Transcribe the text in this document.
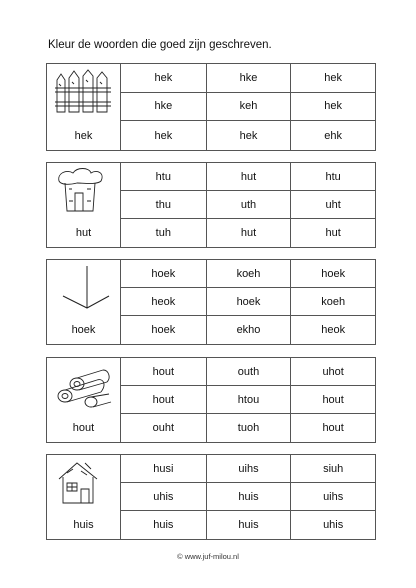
Kleur de woorden die goed zijn geschreven.
hek
hek	hke	hek
hke	keh	hek
hek	hek	ehk
hut
htu	hut	htu
thu	uth	uht
tuh	hut	hut
hoek
hoek	koeh	hoek
heok	hoek	koeh
hoek	ekho	heok
hout
hout	outh	uhot
hout	htou	hout
ouht	tuoh	hout
huis
husi	uihs	siuh
uhis	huis	uihs
huis	huis	uhis
© www.juf-milou.nl
